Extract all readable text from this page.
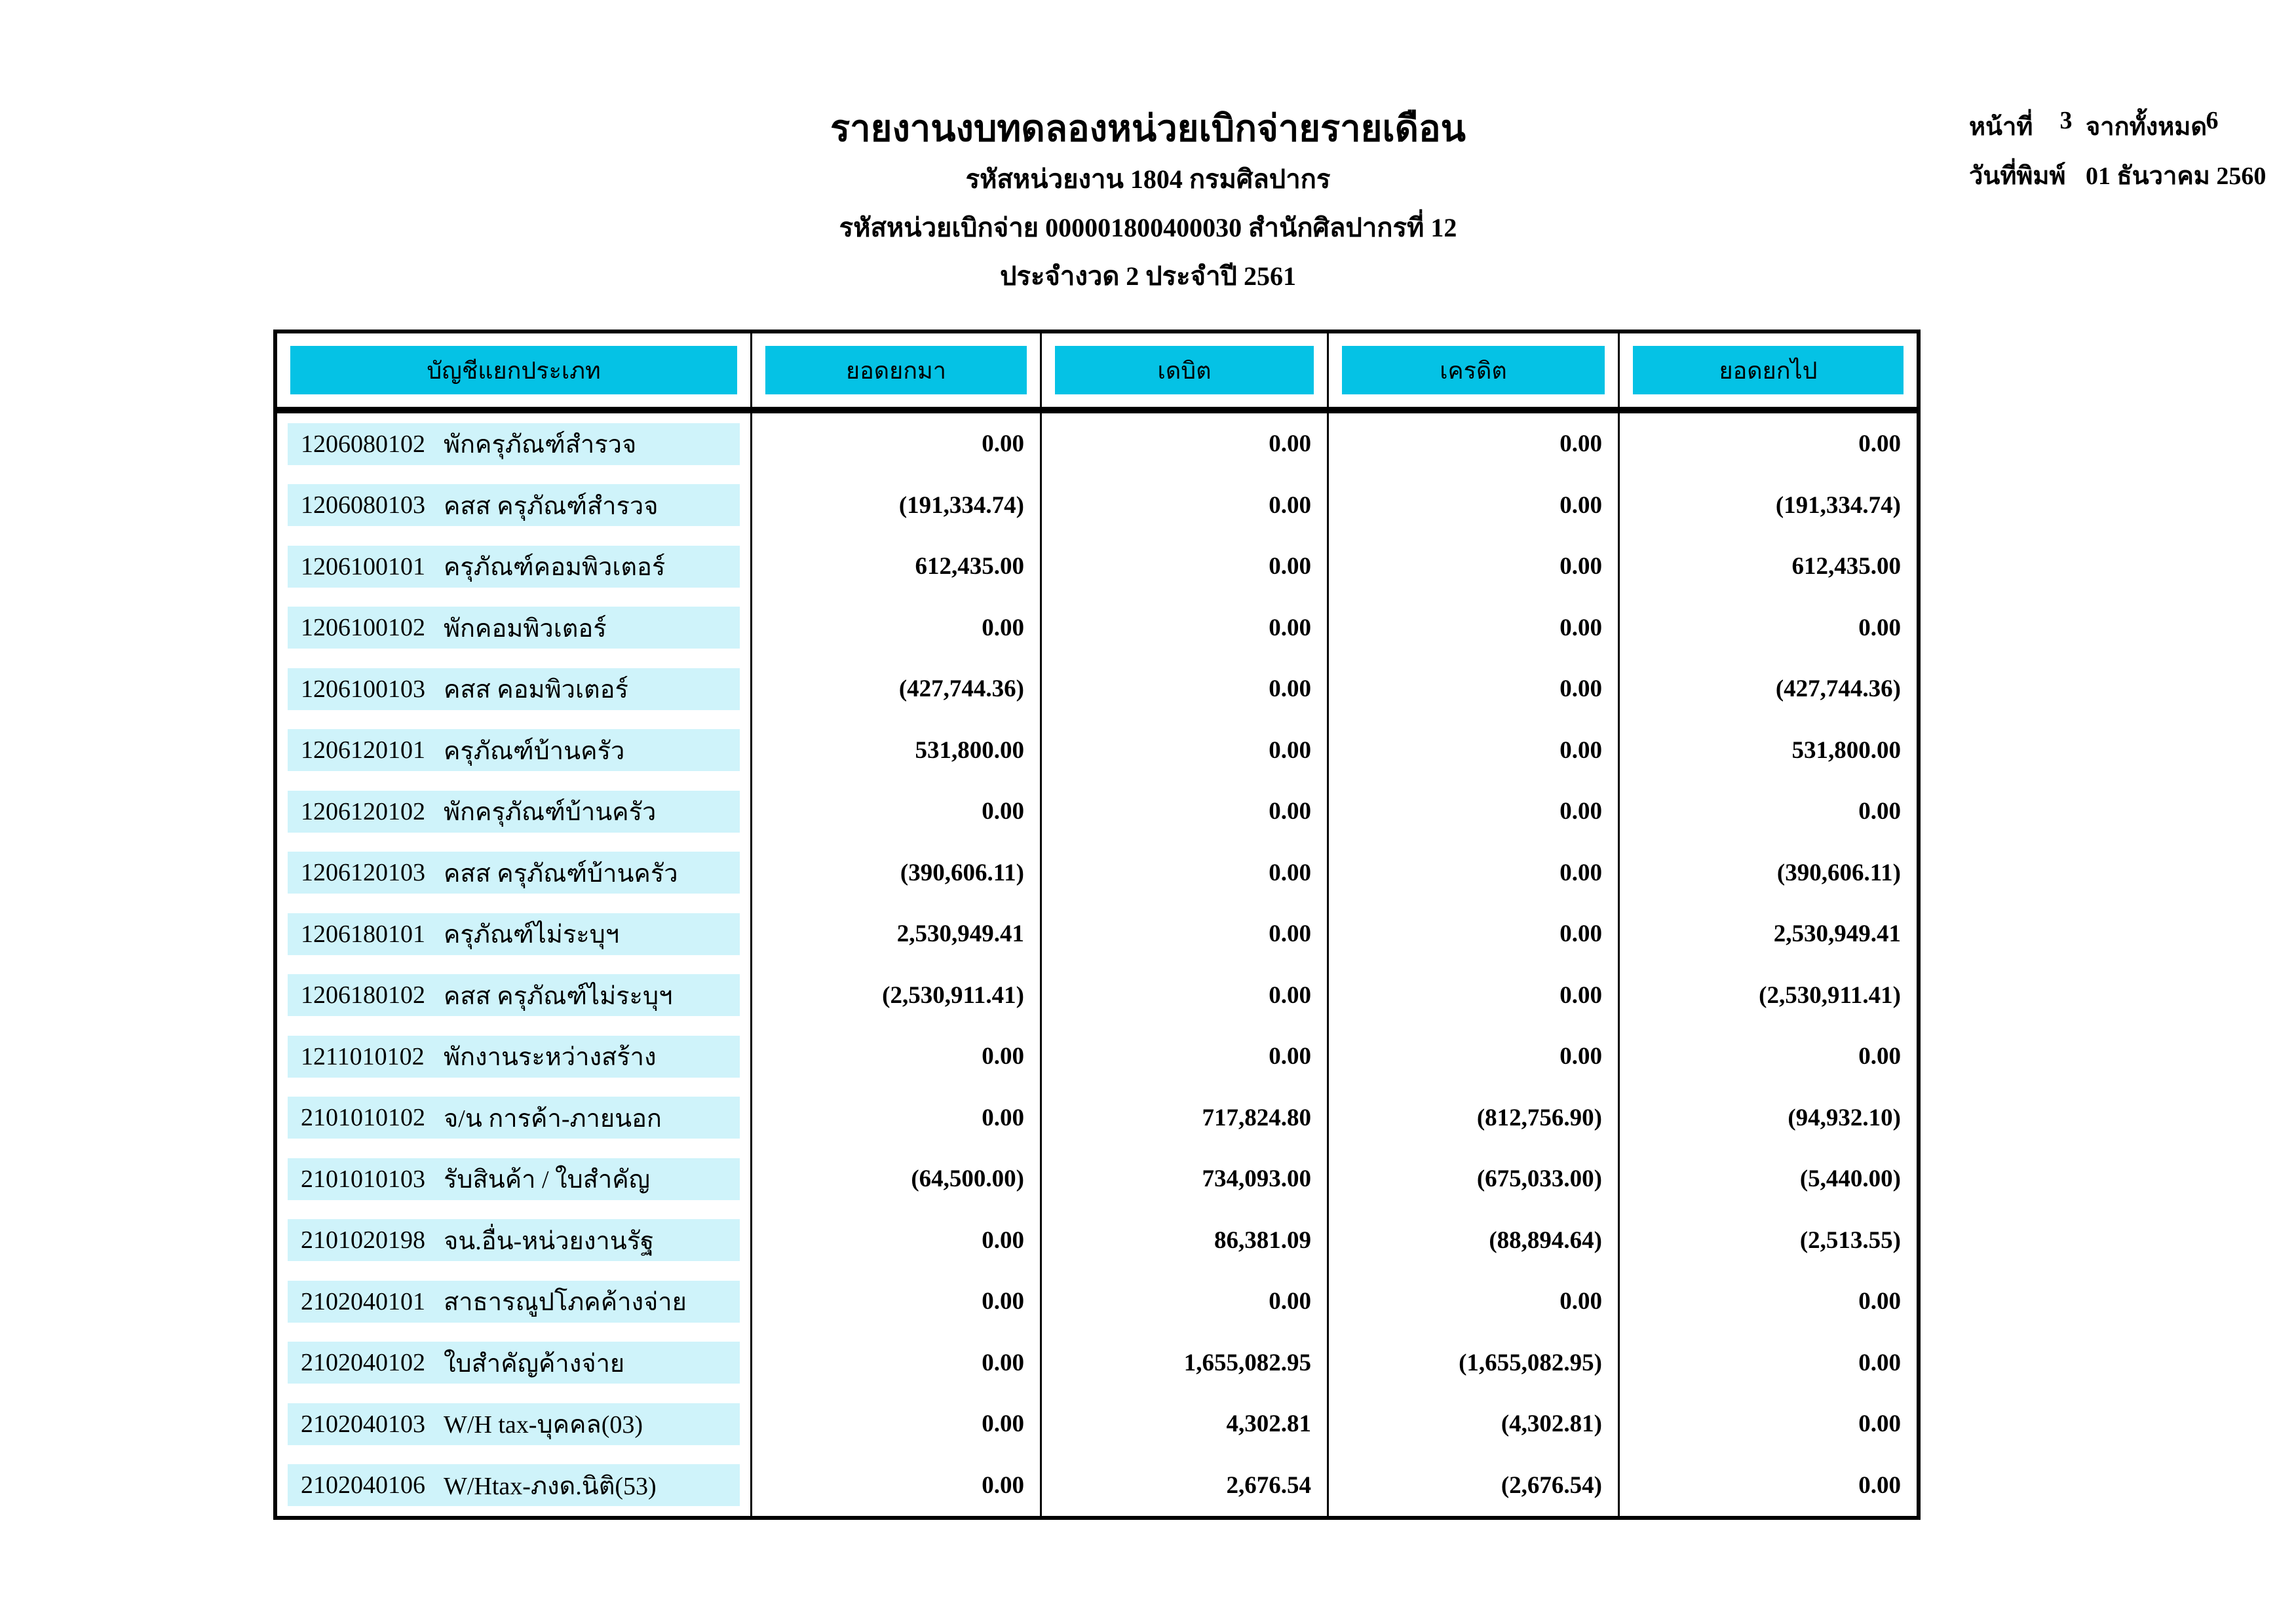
รายงานงบทดลองหน่วยเบิกจ่ายรายเดือน
รหัสหน่วยงาน 1804 กรมศิลปากร
รหัสหน่วยเบิกจ่าย 000001800400030 สำนักศิลปากรที่ 12
ประจำงวด 2 ประจำปี 2561
หน้าที่	3 จากทั้งหมด
6
วันที่พิมพ์ 01 ธันวาคม 2560
บัญชีแยกประเภท	ยอดยกมา	เดบิต	เครดิต	ยอดยกไป
1206080102 พักครุภัณฑ์สำรวจ	0.00	0.00	0.00	0.00
1206080103 คสส ครุภัณฑ์สำรวจ	(191,334.74)	0.00	0.00	(191,334.74)
1206100101 ครุภัณฑ์คอมพิวเตอร์	612,435.00	0.00	0.00	612,435.00
1206100102 พักคอมพิวเตอร์	0.00	0.00	0.00	0.00
1206100103 คสส คอมพิวเตอร์	(427,744.36)	0.00	0.00	(427,744.36)
1206120101 ครุภัณฑ์บ้านครัว	531,800.00	0.00	0.00	531,800.00
1206120102 พักครุภัณฑ์บ้านครัว	0.00	0.00	0.00	0.00
1206120103 คสส ครุภัณฑ์บ้านครัว	(390,606.11)	0.00	0.00	(390,606.11)
1206180101 ครุภัณฑ์ไม่ระบุฯ	2,530,949.41	0.00	0.00	2,530,949.41
1206180102 คสส ครุภัณฑ์ไม่ระบุฯ	(2,530,911.41)	0.00	0.00	(2,530,911.41)
1211010102 พักงานระหว่างสร้าง	0.00	0.00	0.00	0.00
2101010102 จ/น การค้า-ภายนอก	0.00	717,824.80	(812,756.90)	(94,932.10)
2101010103 รับสินค้า / ใบสำคัญ	(64,500.00)	734,093.00	(675,033.00)	(5,440.00)
2101020198 จน.อื่น-หน่วยงานรัฐ	0.00	86,381.09	(88,894.64)	(2,513.55)
2102040101 สาธารณูปโภคค้างจ่าย	0.00	0.00	0.00	0.00
2102040102 ใบสำคัญค้างจ่าย	0.00	1,655,082.95	(1,655,082.95)	0.00
2102040103 W/H tax-บุคคล(03)	0.00	4,302.81	(4,302.81)	0.00
2102040106 W/Htax-ภงด.นิติ(53)	0.00	2,676.54	(2,676.54)	0.00
